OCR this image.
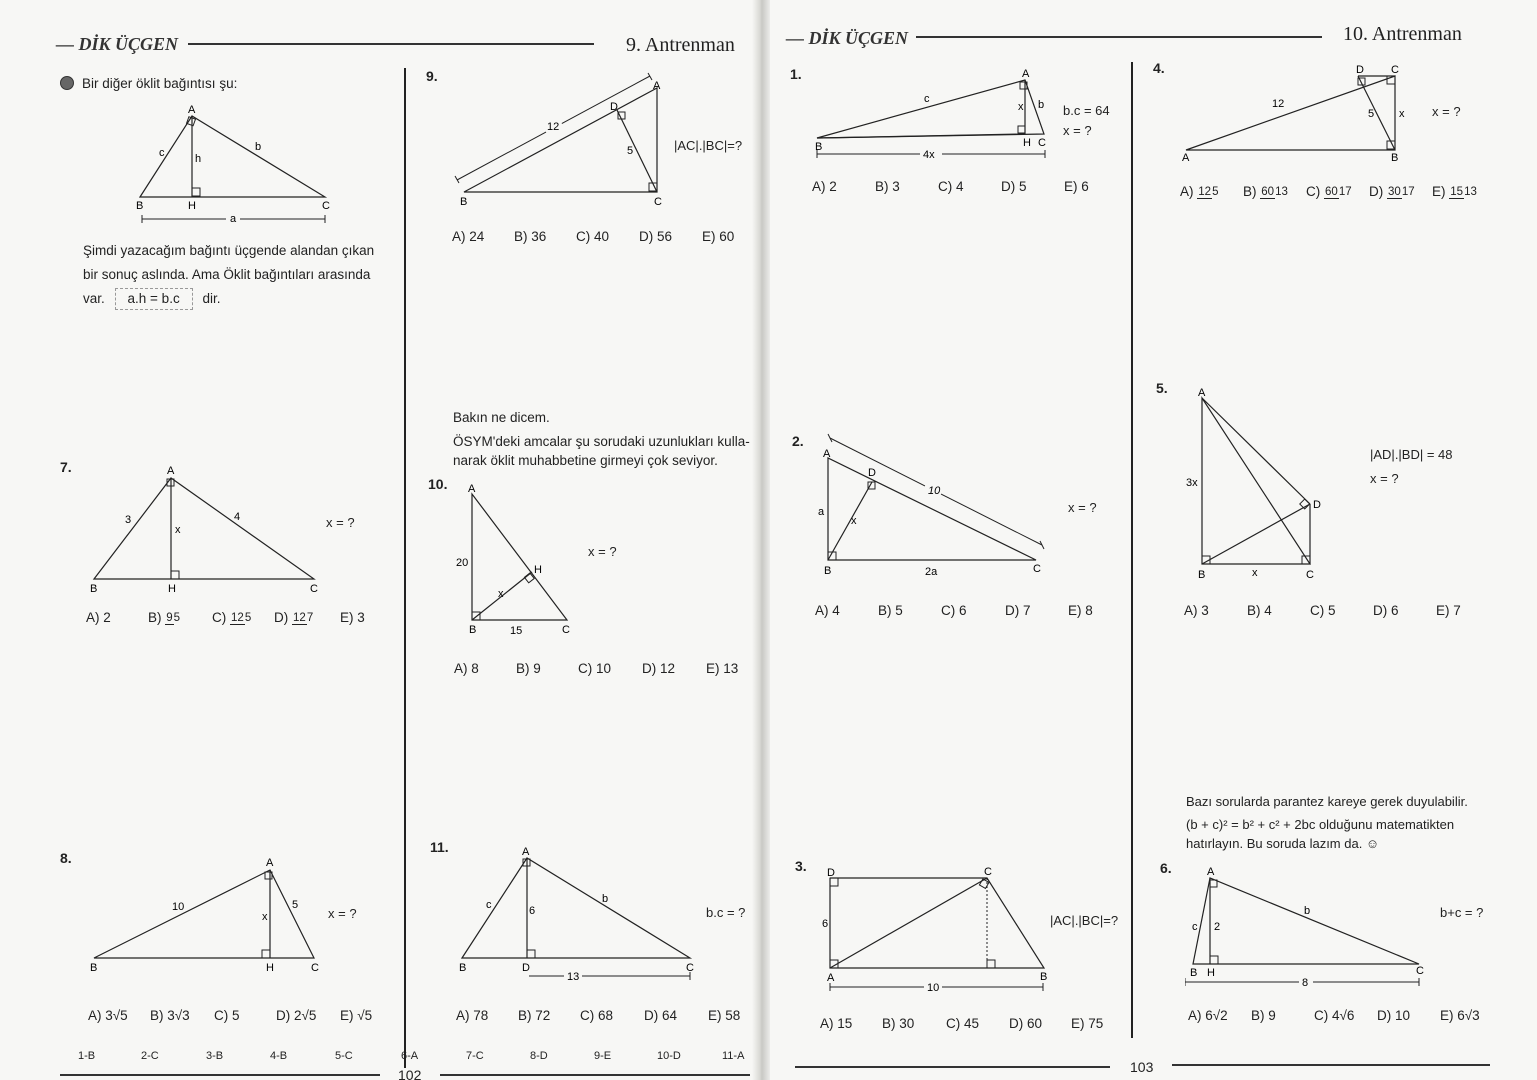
— DİK ÜÇGEN	9. Antrenman
Bir diğer öklit bağıntısı şu:
A
B	H	C
c	b
h
a
Şimdi yazacağım bağıntı üçgende alandan çıkan
bir sonuç aslında. Ama Öklit bağıntıları arasında
var. a.h = b.c dir.
7.	A
B	H	C
3	4
x	x = ?
A) 2	B) 95	C) 125	D) 127	E) 3
8.	A
B	H	C
10	5
x	x = ?
A) 3√5	B) 3√3	C) 5	D) 2√5	E) √5
9.
12
A
D
B	C
5	|AC|.|BC|=?
A) 24	B) 36	C) 40	D) 56	E) 60
Bakın ne dicem.
ÖSYM'deki amcalar şu sorudaki uzunlukları kulla-
narak öklit muhabbetine girmeyi çok seviyor.
10. A
B	C
H
20
15
x
x = ?
A) 8	B) 9	C) 10	D) 12	E) 13
11.	A
B	D	C
c	b
6
13
b.c = ?
A) 78	B) 72	C) 68	D) 64	E) 58
1-B	2-C	3-B	4-B	5-C	6-A	7-C	8-D	9-E	10-D	11-A
102
— DİK ÜÇGEN	10. Antrenman
1.	A
B	H C
c	b
x
4x
b.c = 64
x = ?
A) 2	B) 3	C) 4	D) 5	E) 6
2.
10
A
D
B	C
a
x
2a
x = ?
A) 4	B) 5	C) 6	D) 7	E) 8
3. D	C
A	B
6
10
|AC|.|BC|=?
A) 15	B) 30	C) 45	D) 60	E) 75
103
4.	D C
A	B
12
5 x x = ?
A) 125	B) 6013	C) 6017	D) 3017	E) 1513
5.	A
D
B	C
3x
x
|AD|.|BD| = 48
x = ?
A) 3	B) 4	C) 5	D) 6	E) 7
Bazı sorularda parantez kareye gerek duyulabilir.
(b + c)² = b² + c² + 2bc olduğunu matematikten
hatırlayın. Bu soruda lazım da. ☺
6.	A
B H	C
c
b
2
8
b+c = ?
A) 6√2	B) 9	C) 4√6	D) 10	E) 6√3
